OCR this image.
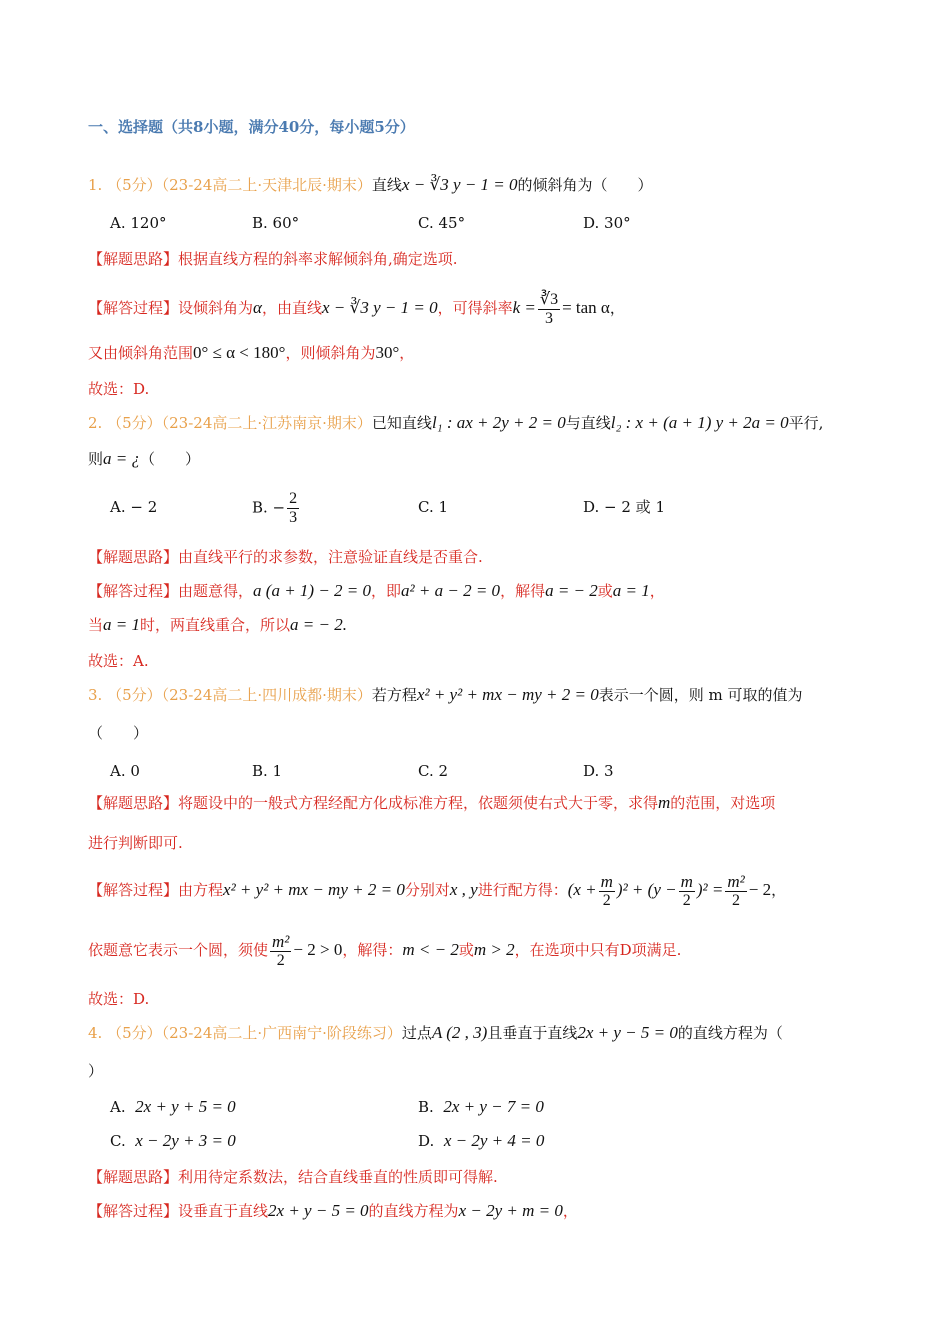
一、选择题（共8小题，满分40分，每小题5分）
1. （5分）（23-24高二上·天津北辰·期末）直线x − ∛3 y − 1 = 0的倾斜角为（　　）
A. 120°	B. 60°	C. 45°	D. 30°
【解题思路】根据直线方程的斜率求解倾斜角,确定选项.
【解答过程】设倾斜角为α，由直线x − ∛3 y − 1 = 0，可得斜率$k = \frac{∛3}{3} = \tan \alpha$，
又由倾斜角范围0° ≤ α < 180°，则倾斜角为30°，
故选：D.
2. （5分）（23-24高二上·江苏南京·期末）已知直线l₁ : ax + 2y + 2 = 0与直线l₂ : x + (a + 1) y + 2a = 0平行,
则a = ¿（　　）
A. − 2	B. − $\frac{2}{3}$	C. 1	D. − 2 或 1
【解题思路】由直线平行的求参数，注意验证直线是否重合.
【解答过程】由题意得，a (a + 1) − 2 = 0，即a² + a − 2 = 0，解得a = − 2或a = 1，
当a = 1时，两直线重合，所以a = − 2.
故选：A.
3. （5分）（23-24高二上·四川成都·期末）若方程x² + y² + mx − my + 2 = 0表示一个圆，则 m 可取的值为
（　　）
A. 0	B. 1	C. 2	D. 3
【解题思路】将题设中的一般式方程经配方化成标准方程，依题须使右式大于零，求得m的范围，对选项
进行判断即可.
【解答过程】由方程x² + y² + mx − my + 2 = 0分别对x , y进行配方得：$(x + \frac{m}{2} )^2 + (y - \frac{m}{2} )^2 = \frac{\text{m²}}{2} - 2$，
依题意它表示一个圆，须使 $\frac{\text{m²}}{2} - 2 > 0$，解得：m < − 2或m > 2，在选项中只有D项满足.
故选：D.
4. （5分）（23-24高二上·广西南宁·阶段练习）过点A (2 , 3)且垂直于直线2x + y − 5 = 0的直线方程为（
）
A. 2x + y + 5 = 0	B. 2x + y − 7 = 0
C. x − 2y + 3 = 0	D. x − 2y + 4 = 0
【解题思路】利用待定系数法，结合直线垂直的性质即可得解.
【解答过程】设垂直于直线2x + y − 5 = 0的直线方程为x − 2y + m = 0，
